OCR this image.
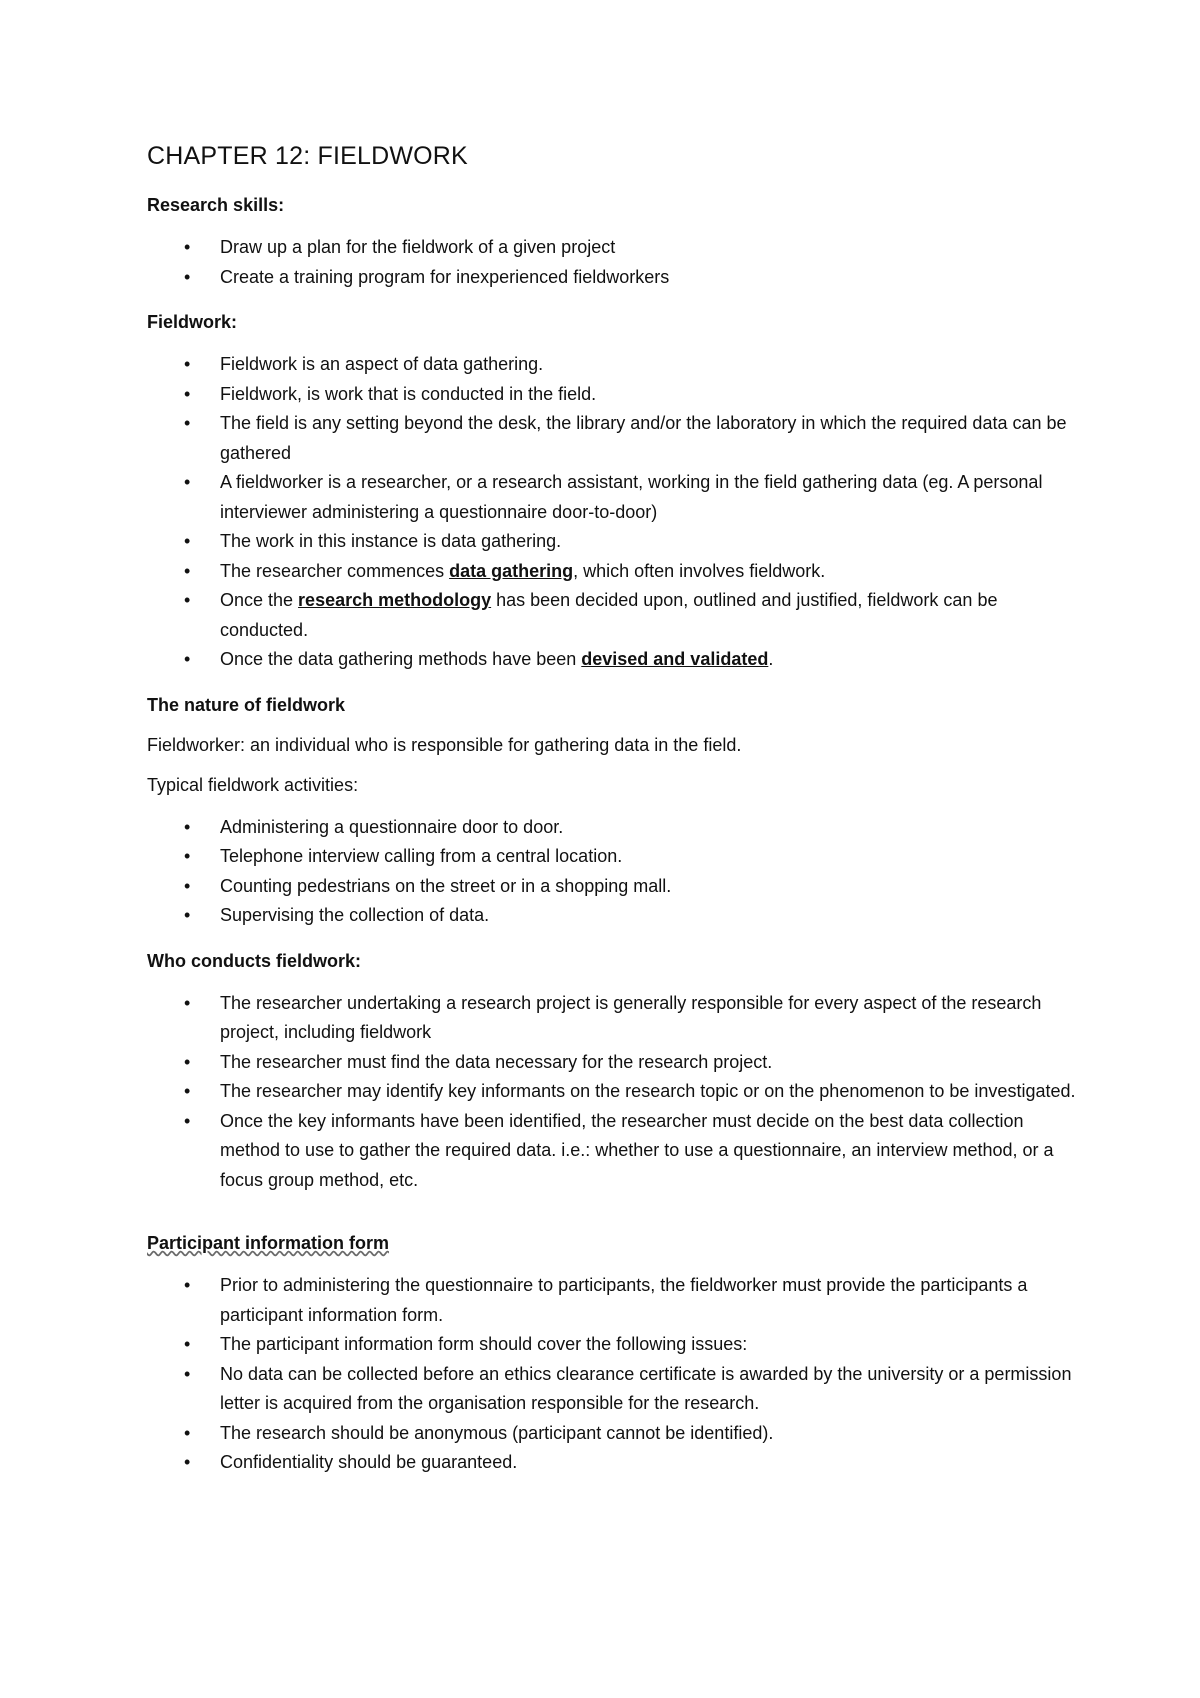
CHAPTER 12: FIELDWORK

Research skills:

• Draw up a plan for the fieldwork of a given project
• Create a training program for inexperienced fieldworkers

Fieldwork:

• Fieldwork is an aspect of data gathering.
• Fieldwork, is work that is conducted in the field.
• The field is any setting beyond the desk, the library and/or the laboratory in which the required data can be gathered
• A fieldworker is a researcher, or a research assistant, working in the field gathering data (eg. A personal interviewer administering a questionnaire door-to-door)
• The work in this instance is data gathering.
• The researcher commences data gathering, which often involves fieldwork.
• Once the research methodology has been decided upon, outlined and justified, fieldwork can be conducted.
• Once the data gathering methods have been devised and validated.

The nature of fieldwork

Fieldworker: an individual who is responsible for gathering data in the field.

Typical fieldwork activities:

• Administering a questionnaire door to door.
• Telephone interview calling from a central location.
• Counting pedestrians on the street or in a shopping mall.
• Supervising the collection of data.

Who conducts fieldwork:

• The researcher undertaking a research project is generally responsible for every aspect of the research project, including fieldwork
• The researcher must find the data necessary for the research project.
• The researcher may identify key informants on the research topic or on the phenomenon to be investigated.
• Once the key informants have been identified, the researcher must decide on the best data collection method to use to gather the required data. i.e.: whether to use a questionnaire, an interview method, or a focus group method, etc.

Participant information form

• Prior to administering the questionnaire to participants, the fieldworker must provide the participants a participant information form.
• The participant information form should cover the following issues:
• No data can be collected before an ethics clearance certificate is awarded by the university or a permission letter is acquired from the organisation responsible for the research.
• The research should be anonymous (participant cannot be identified).
• Confidentiality should be guaranteed.
